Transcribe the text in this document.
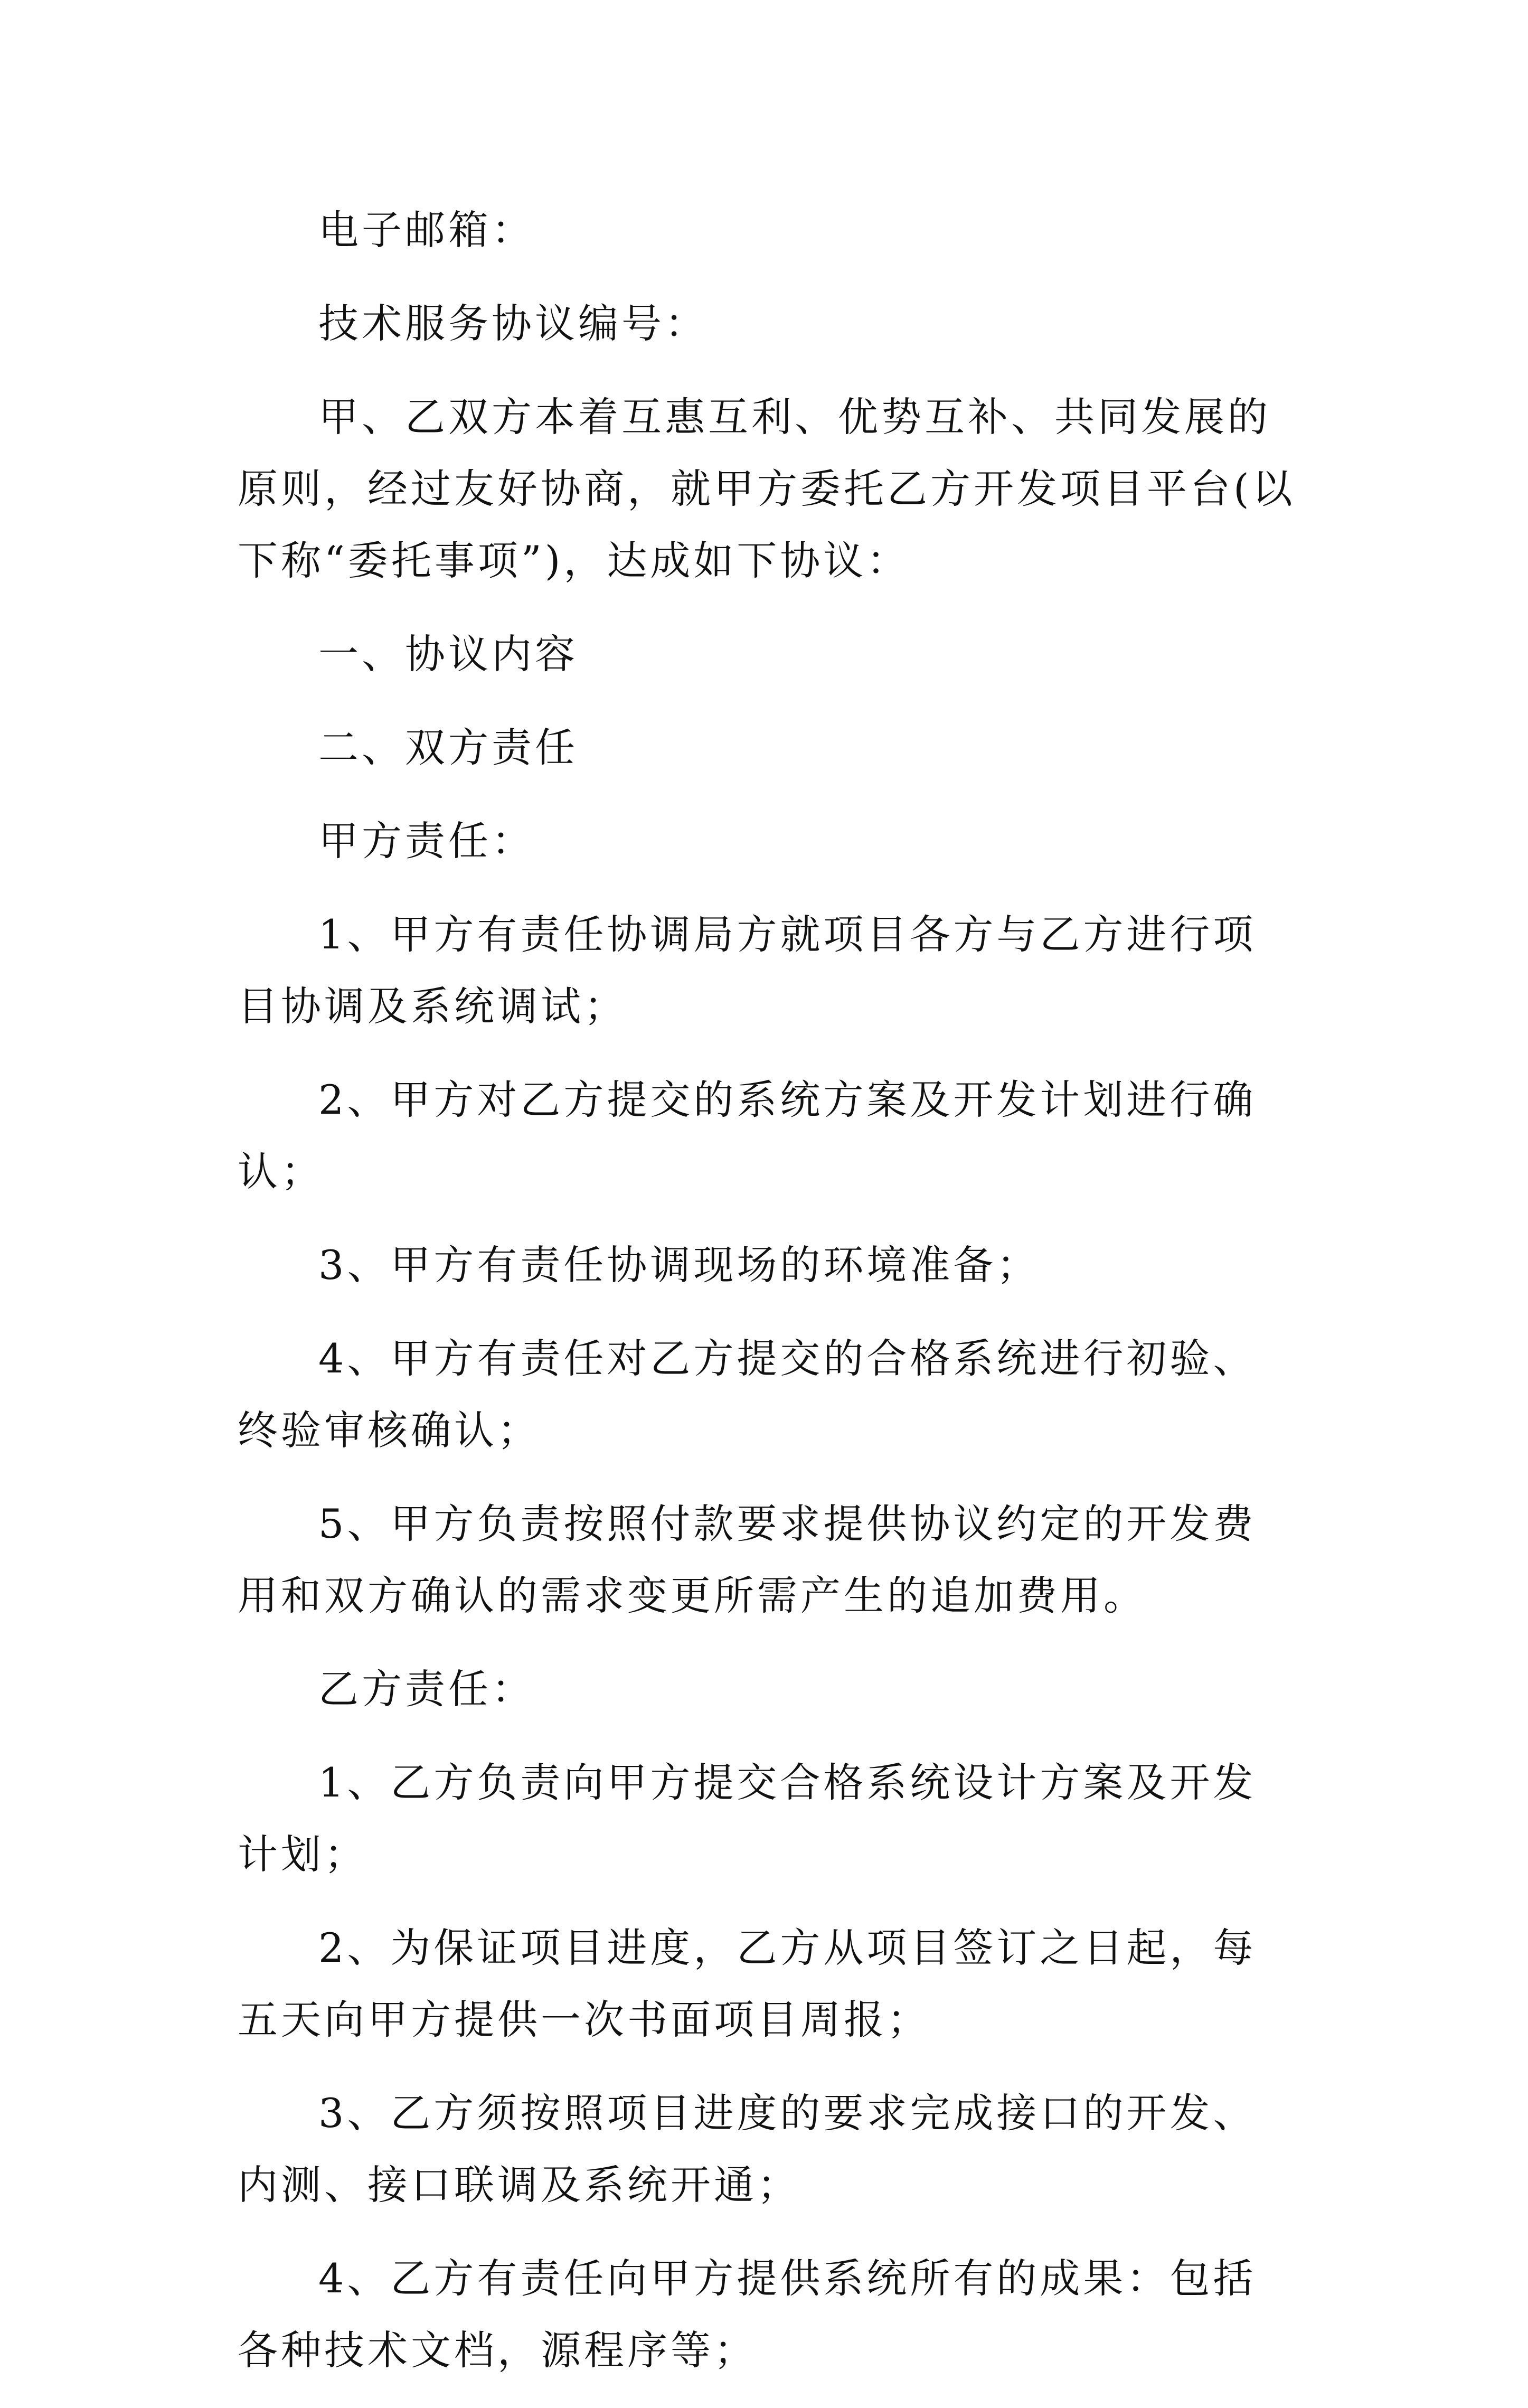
电子邮箱：

技术服务协议编号：

甲、乙双方本着互惠互利、优势互补、共同发展的原则，经过友好协商，就甲方委托乙方开发项目平台(以下称“委托事项”)，达成如下协议：

一、协议内容

二、双方责任

甲方责任：

1、甲方有责任协调局方就项目各方与乙方进行项目协调及系统调试；

2、甲方对乙方提交的系统方案及开发计划进行确认；

3、甲方有责任协调现场的环境准备；

4、甲方有责任对乙方提交的合格系统进行初验、终验审核确认；

5、甲方负责按照付款要求提供协议约定的开发费用和双方确认的需求变更所需产生的追加费用。

乙方责任：

1、乙方负责向甲方提交合格系统设计方案及开发计划；

2、为保证项目进度，乙方从项目签订之日起，每五天向甲方提供一次书面项目周报；

3、乙方须按照项目进度的要求完成接口的开发、内测、接口联调及系统开通；

4、乙方有责任向甲方提供系统所有的成果：包括各种技术文档，源程序等；
